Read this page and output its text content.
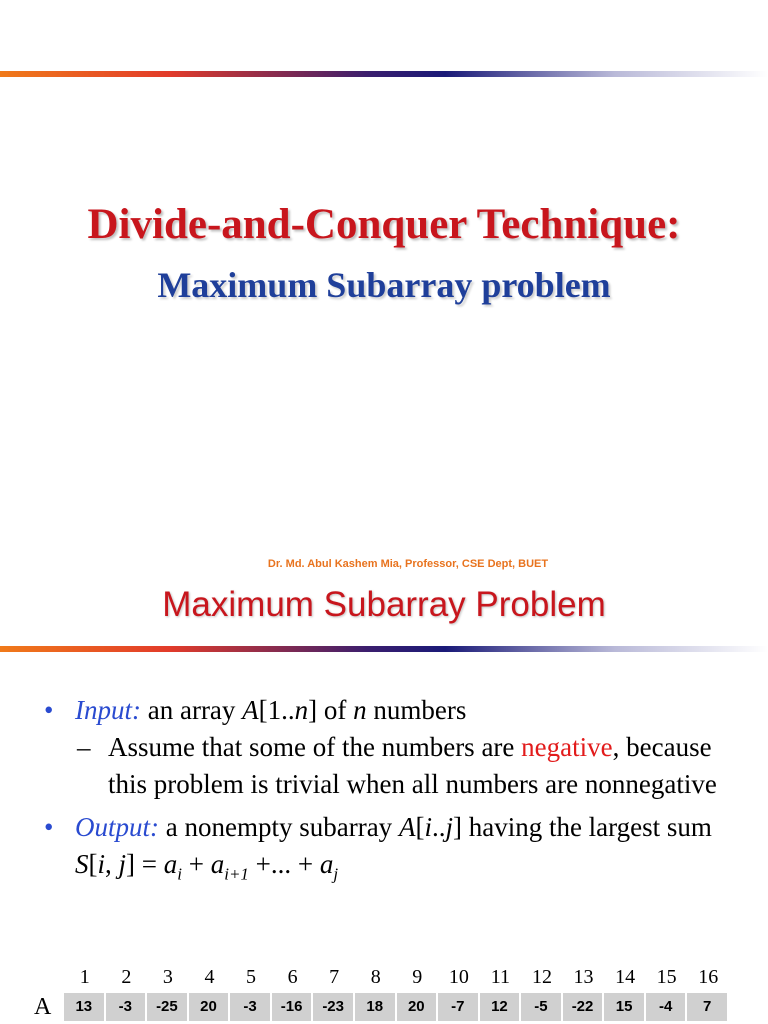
Divide-and-Conquer Technique:
Maximum Subarray problem
Dr. Md. Abul Kashem Mia, Professor, CSE Dept, BUET
Maximum Subarray Problem
• Input: an array A[1..n] of n numbers
– Assume that some of the numbers are negative, because this problem is trivial when all numbers are nonnegative
• Output: a nonempty subarray A[i..j] having the largest sum S[i, $j] = a_i + a_{i+1}$ +... + $a_j$
1	2	3	4	5	6	7	8	9	10	11	12	13	14	15	16
A	13	-3	-25	20	-3	-16	-23	18	20	-7	12	-5	-22	15	-4	7
